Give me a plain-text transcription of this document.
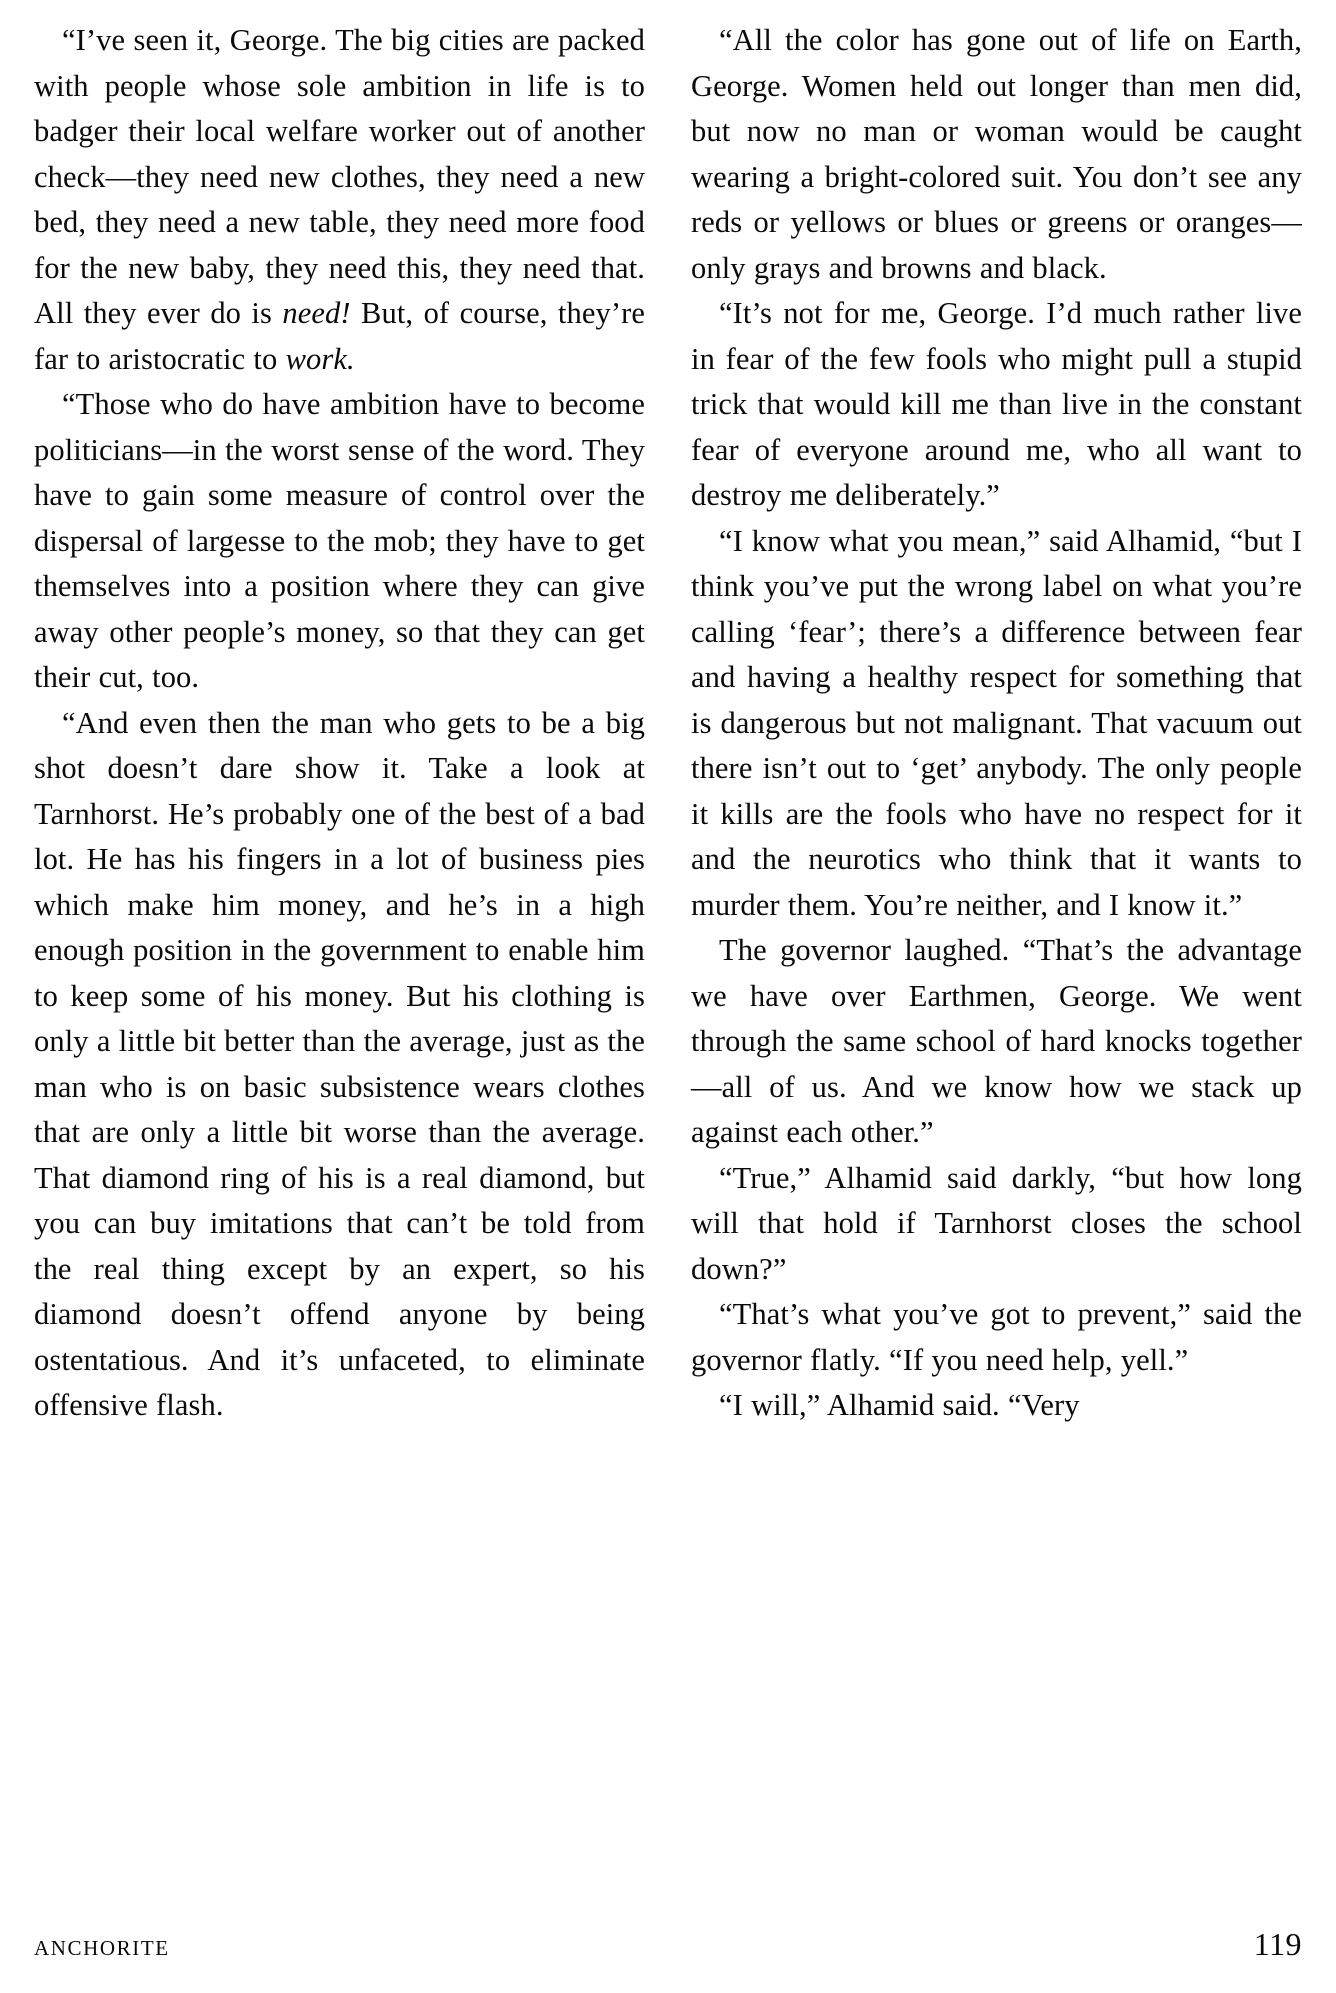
“I’ve seen it, George. The big cities are packed with people whose sole ambition in life is to badger their local welfare worker out of another check—they need new clothes, they need a new bed, they need a new table, they need more food for the new baby, they need this, they need that. All they ever do is need! But, of course, they’re far to aristocratic to work.

“Those who do have ambition have to become politicians—in the worst sense of the word. They have to gain some measure of control over the dispersal of largesse to the mob; they have to get themselves into a position where they can give away other people’s money, so that they can get their cut, too.

“And even then the man who gets to be a big shot doesn’t dare show it. Take a look at Tarnhorst. He’s probably one of the best of a bad lot. He has his fingers in a lot of business pies which make him money, and he’s in a high enough position in the government to enable him to keep some of his money. But his clothing is only a little bit better than the average, just as the man who is on basic subsistence wears clothes that are only a little bit worse than the average. That diamond ring of his is a real diamond, but you can buy imitations that can’t be told from the real thing except by an expert, so his diamond doesn’t offend anyone by being ostentatious. And it’s unfaceted, to eliminate offensive flash.

“All the color has gone out of life on Earth, George. Women held out longer than men did, but now no man or woman would be caught wearing a bright-colored suit. You don’t see any reds or yellows or blues or greens or oranges—only grays and browns and black.

“It’s not for me, George. I’d much rather live in fear of the few fools who might pull a stupid trick that would kill me than live in the constant fear of everyone around me, who all want to destroy me deliberately.”

“I know what you mean,” said Alhamid, “but I think you’ve put the wrong label on what you’re calling ‘fear’; there’s a difference between fear and having a healthy respect for something that is dangerous but not malignant. That vacuum out there isn’t out to ‘get’ anybody. The only people it kills are the fools who have no respect for it and the neurotics who think that it wants to murder them. You’re neither, and I know it.”

The governor laughed. “That’s the advantage we have over Earthmen, George. We went through the same school of hard knocks together—all of us. And we know how we stack up against each other.”

“True,” Alhamid said darkly, “but how long will that hold if Tarnhorst closes the school down?”

“That’s what you’ve got to prevent,” said the governor flatly. “If you need help, yell.”

“I will,” Alhamid said. “Very

ANCHORITE	119
